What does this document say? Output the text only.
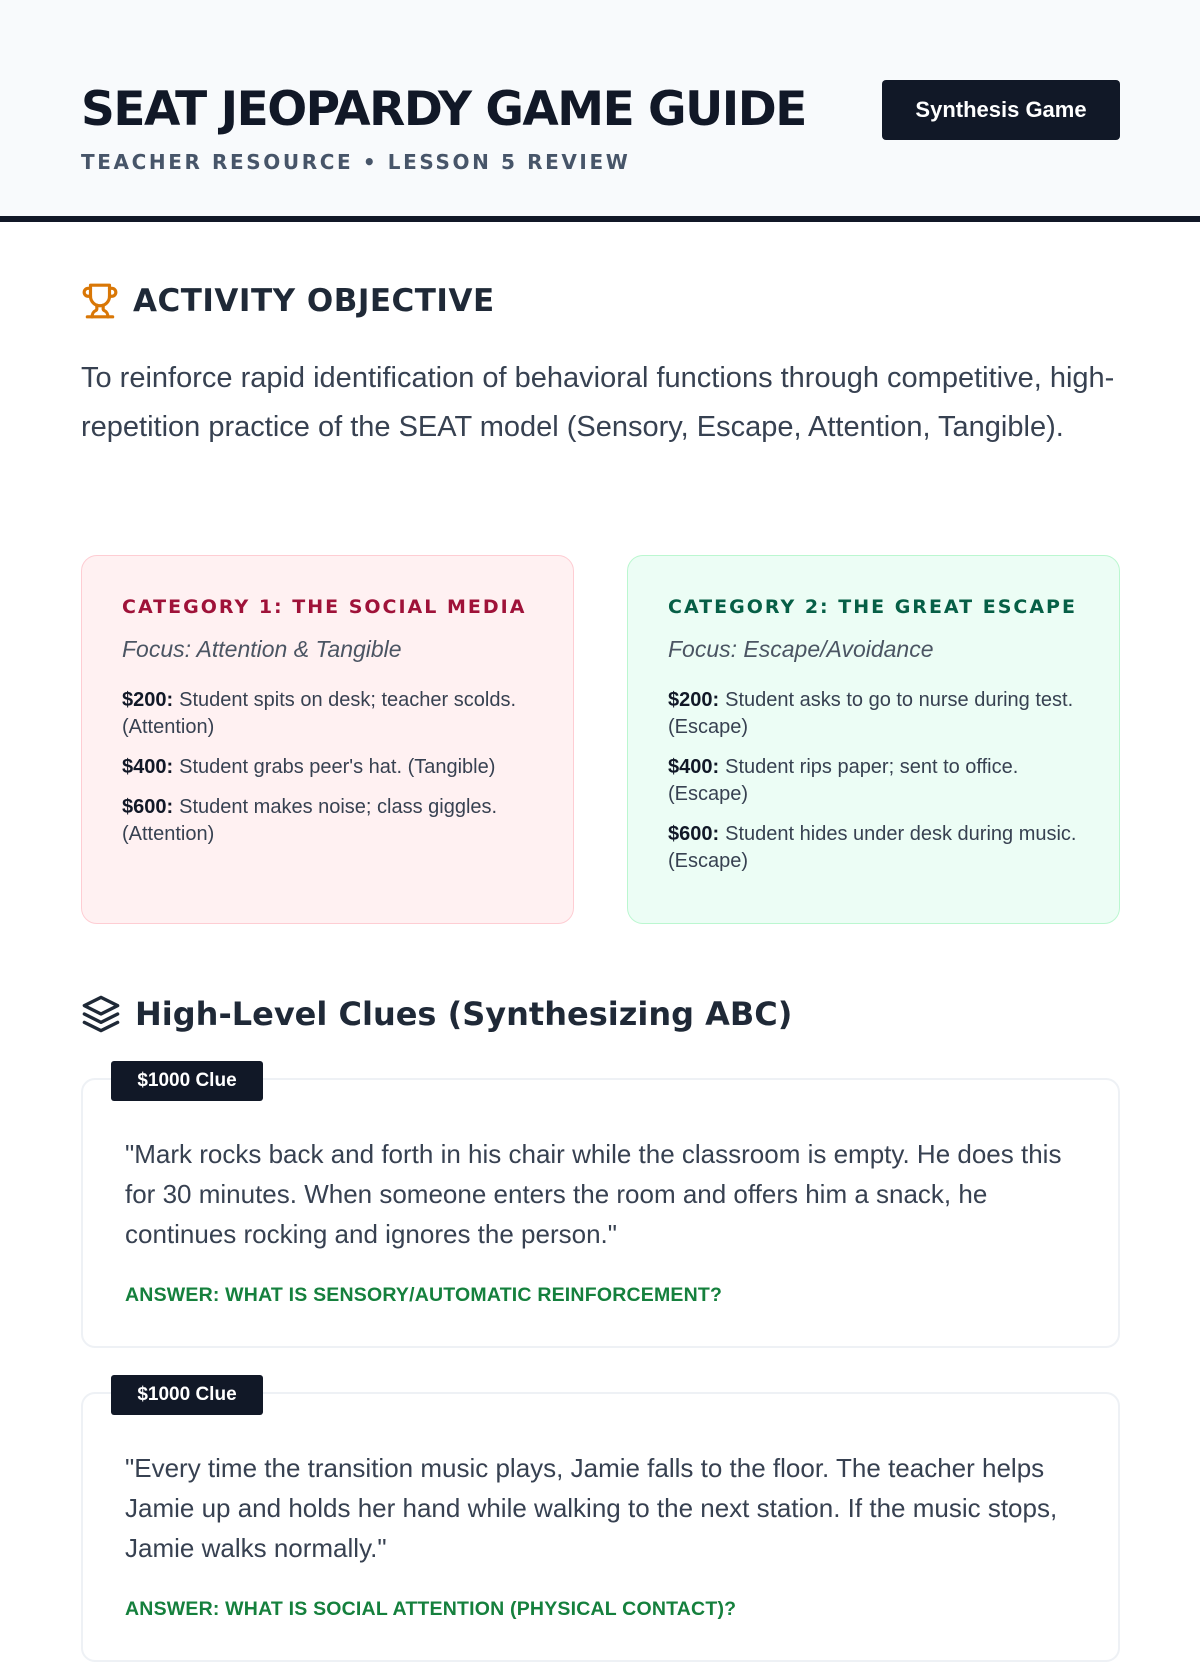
SEAT JEOPARDY GAME GUIDE
TEACHER RESOURCE • LESSON 5 REVIEW
Synthesis Game
ACTIVITY OBJECTIVE

To reinforce rapid identification of behavioral functions through competitive, high-repetition practice of the SEAT model (Sensory, Escape, Attention, Tangible).

CATEGORY 1: THE SOCIAL MEDIA
Focus: Attention & Tangible
$200: Student spits on desk; teacher scolds. (Attention)
$400: Student grabs peer's hat. (Tangible)
$600: Student makes noise; class giggles. (Attention)
CATEGORY 2: THE GREAT ESCAPE
Focus: Escape/Avoidance
$200: Student asks to go to nurse during test. (Escape)
$400: Student rips paper; sent to office. (Escape)
$600: Student hides under desk during music. (Escape)
High-Level Clues (Synthesizing ABC)
$1000 Clue
"Mark rocks back and forth in his chair while the classroom is empty. He does this for 30 minutes. When someone enters the room and offers him a snack, he continues rocking and ignores the person."
ANSWER: WHAT IS SENSORY/AUTOMATIC REINFORCEMENT?
$1000 Clue
"Every time the transition music plays, Jamie falls to the floor. The teacher helps Jamie up and holds her hand while walking to the next station. If the music stops, Jamie walks normally."
ANSWER: WHAT IS SOCIAL ATTENTION (PHYSICAL CONTACT)?
